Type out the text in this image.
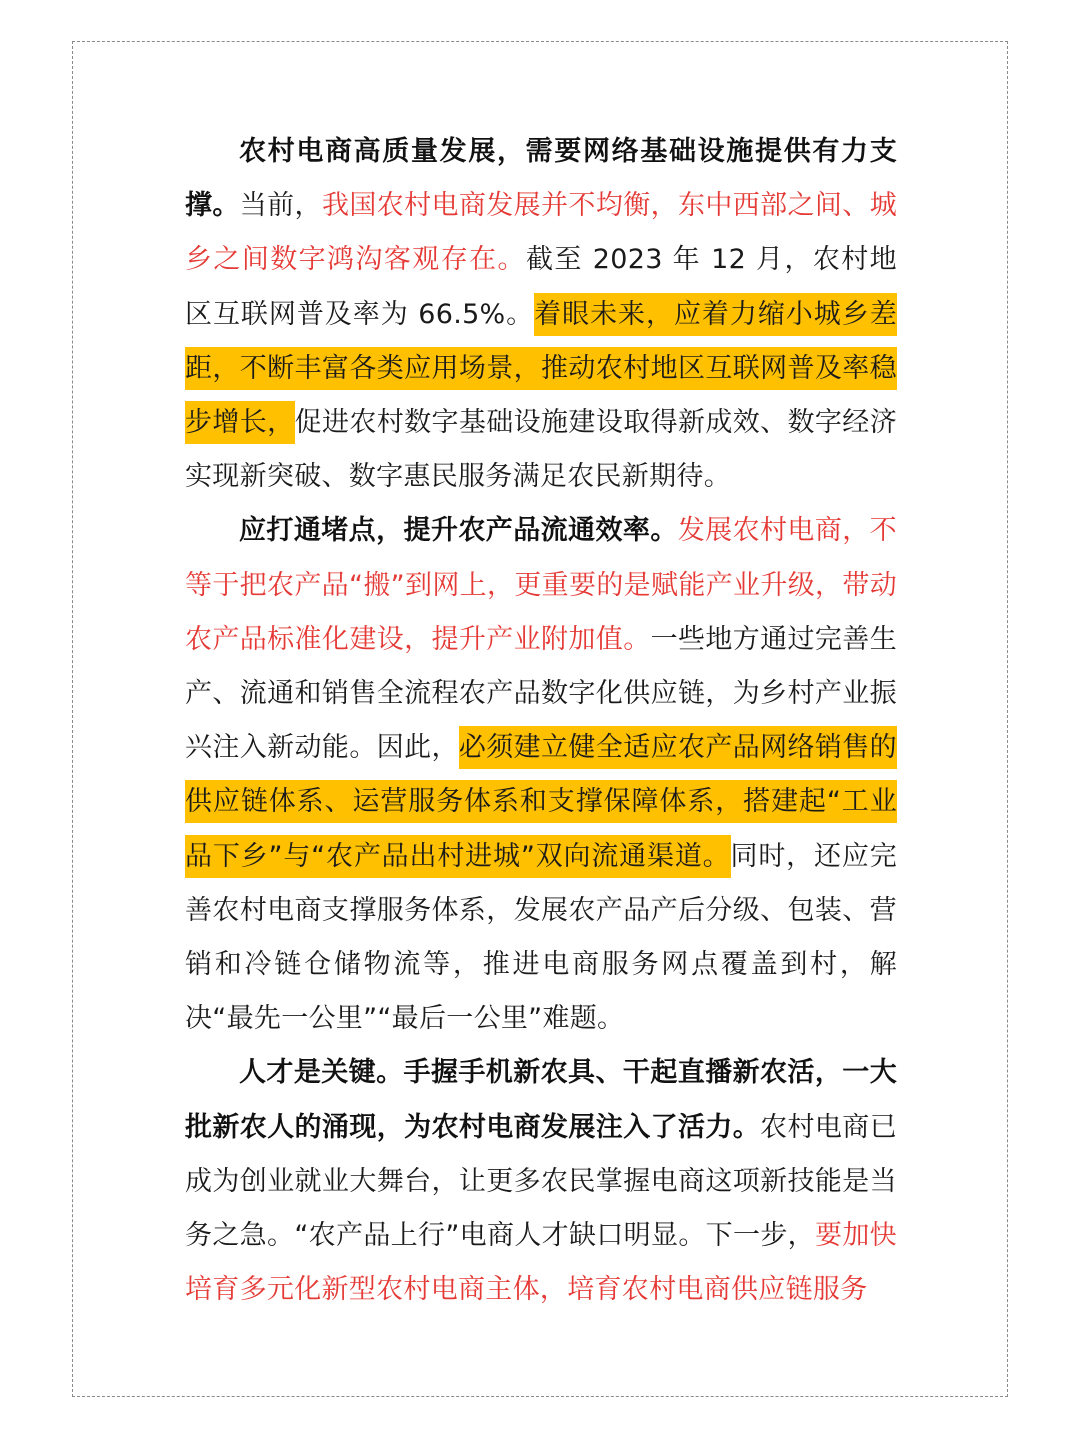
农村电商高质量发展，需要网络基础设施提供有力支撑。当前，我国农村电商发展并不均衡，东中西部之间、城乡之间数字鸿沟客观存在。截至 2023 年 12 月，农村地区互联网普及率为 66.5%。着眼未来，应着力缩小城乡差距，不断丰富各类应用场景，推动农村地区互联网普及率稳步增长，促进农村数字基础设施建设取得新成效、数字经济实现新突破、数字惠民服务满足农民新期待。

应打通堵点，提升农产品流通效率。发展农村电商，不等于把农产品“搬”到网上，更重要的是赋能产业升级，带动农产品标准化建设，提升产业附加值。一些地方通过完善生产、流通和销售全流程农产品数字化供应链，为乡村产业振兴注入新动能。因此，必须建立健全适应农产品网络销售的供应链体系、运营服务体系和支撑保障体系，搭建起“工业品下乡”与“农产品出村进城”双向流通渠道。同时，还应完善农村电商支撑服务体系，发展农产品产后分级、包装、营销和冷链仓储物流等，推进电商服务网点覆盖到村，解决“最先一公里”“最后一公里”难题。

人才是关键。手握手机新农具、干起直播新农活，一大批新农人的涌现，为农村电商发展注入了活力。农村电商已成为创业就业大舞台，让更多农民掌握电商这项新技能是当务之急。“农产品上行”电商人才缺口明显。下一步，要加快培育多元化新型农村电商主体，培育农村电商供应链服务
